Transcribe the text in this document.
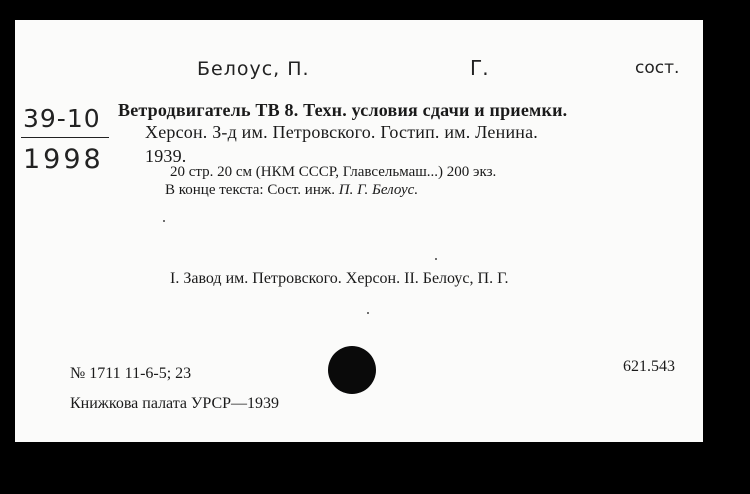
Белоус, П.	Г.	сост.
39-10
1998
Ветродвигатель ТВ 8. Техн. условия сдачи и приемки.
Херсон. З-д им. Петровского. Гостип. им. Ленина.
1939.
20 стр. 20 см (НКМ СССР, Главсельмаш...) 200 экз.
В конце текста: Сост. инж. П. Г. Белоус.
I. Завод им. Петровского. Херсон. II. Белоус, П. Г.
№ 1711 11-6-5; 23
Книжкова палата УРСР—1939
621.543
